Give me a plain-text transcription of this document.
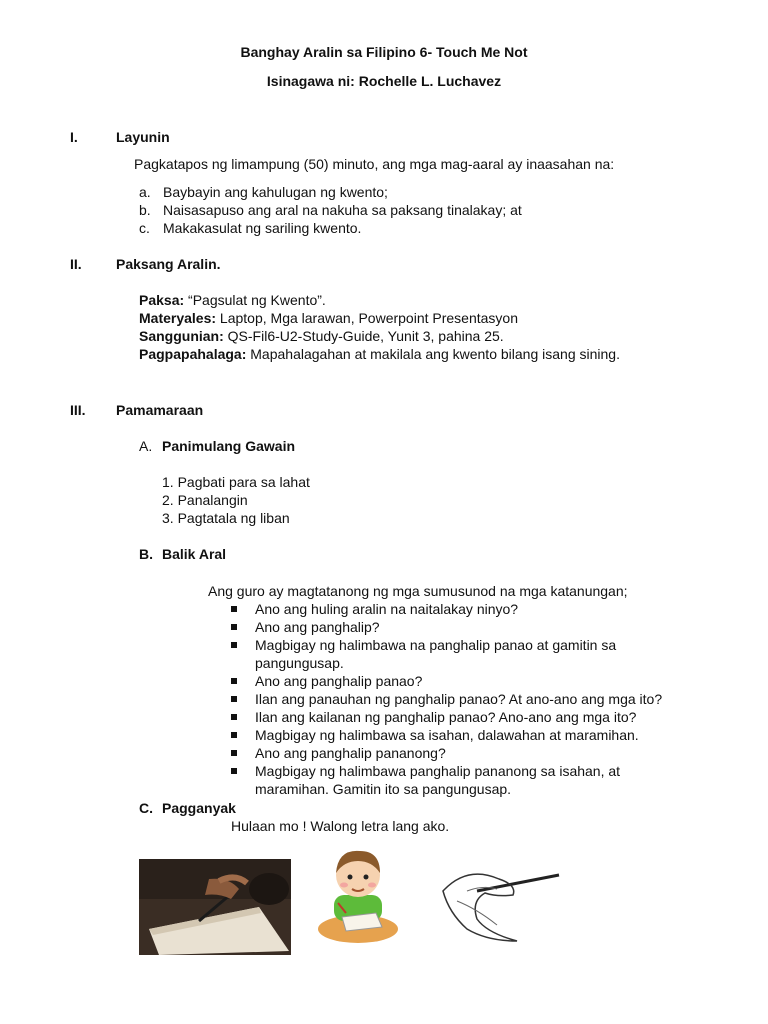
Banghay Aralin sa Filipino 6- Touch Me Not
Isinagawa ni: Rochelle L. Luchavez
I.	Layunin
Pagkatapos ng limampung (50) minuto, ang mga mag-aaral ay inaasahan na:
a. Baybayin ang kahulugan ng kwento;
b. Naisasapuso ang aral na nakuha sa paksang tinalakay; at
c. Makakasulat ng sariling kwento.
II. Paksang Aralin.
Paksa: “Pagsulat ng Kwento”.
Materyales: Laptop, Mga larawan, Powerpoint Presentasyon
Sanggunian: QS-Fil6-U2-Study-Guide, Yunit 3, pahina 25.
Pagpapahalaga: Mapahalagahan at makilala ang kwento bilang isang sining.
III. Pamamaraan
A. Panimulang Gawain
1. Pagbati para sa lahat
2. Panalangin
3. Pagtatala ng liban
B. Balik Aral
Ang guro ay magtatanong ng mga sumusunod na mga katanungan;
Ano ang huling aralin na naitalakay ninyo?
Ano ang panghalip?
Magbigay ng halimbawa na panghalip panao at gamitin sa
pangungusap.
Ano ang panghalip panao?
Ilan ang panauhan ng panghalip panao? At ano-ano ang mga ito?
Ilan ang kailanan ng panghalip panao? Ano-ano ang mga ito?
Magbigay ng halimbawa sa isahan, dalawahan at maramihan.
Ano ang panghalip pananong?
Magbigay ng halimbawa panghalip pananong sa isahan, at
maramihan. Gamitin ito sa pangungusap.
C. Pagganyak
Hulaan mo ! Walong letra lang ako.
